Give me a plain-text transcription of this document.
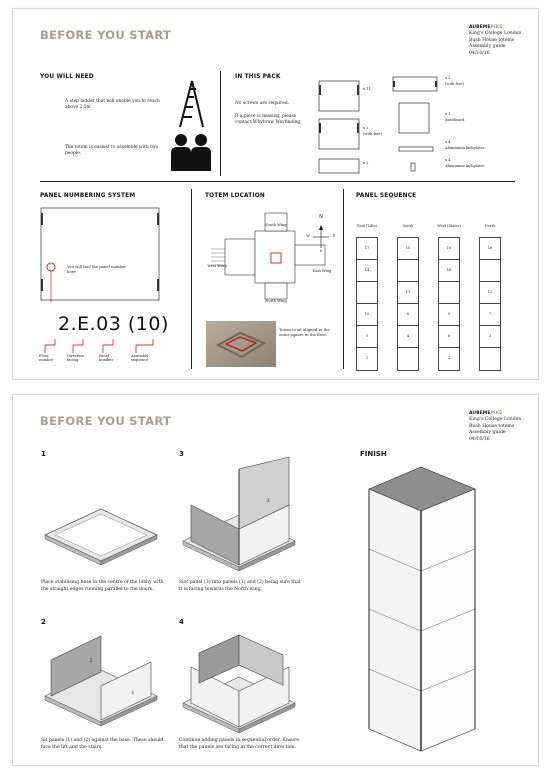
BEFORE YOU START
AUBEMEPIKS
King's College London
Bush House totems
Assembly guide
04/10/16
YOU WILL NEED
A step ladder that will enable you to reach above 2.5m
The totem is easiest to assemble with two people.
IN THIS PACK
No screws are required.
If a piece is missing, please contact Whybrow Wayfinding.
x 11
x 2
(with feet)
x 2
(with feet)
x 1
Baseboard
x 4
Aluminium kickplates
x 2
x 4
Aluminium kickplates
PANEL NUMBERING SYSTEM
You will find the panel number here
2.E.03 (10)
Floor number
Direction facing
Panel number
Assembly sequence
TOTEM LOCATION
South Wing
North Wing
East Wing
West Wing
N
W	E
S
Totem to sit aligned to the outer square in the floor.
PANEL SEQUENCE
East (Lifts)
17
14
10
5
1
South
15
11
8
4
West (Stairs)
18
16
9
6
2
North
16
12
7
3
BEFORE YOU START
AUBEMEPIKS
King's College London
Bush House totems
Assembly guide
04/10/16
1
Place stabilising base in the centre of the lobby with the straight edges running parallel to the doors.
3
3
Slot panel (3) into panels (1) and (2) being sure that it is facing towards the North wing.
2
2
1
Sit panels (1) and (2) against the base. These should face the lift and the stairs.
4
Continue adding panels in sequential order. Ensure that the panels are facing in the correct direction.
FINISH
